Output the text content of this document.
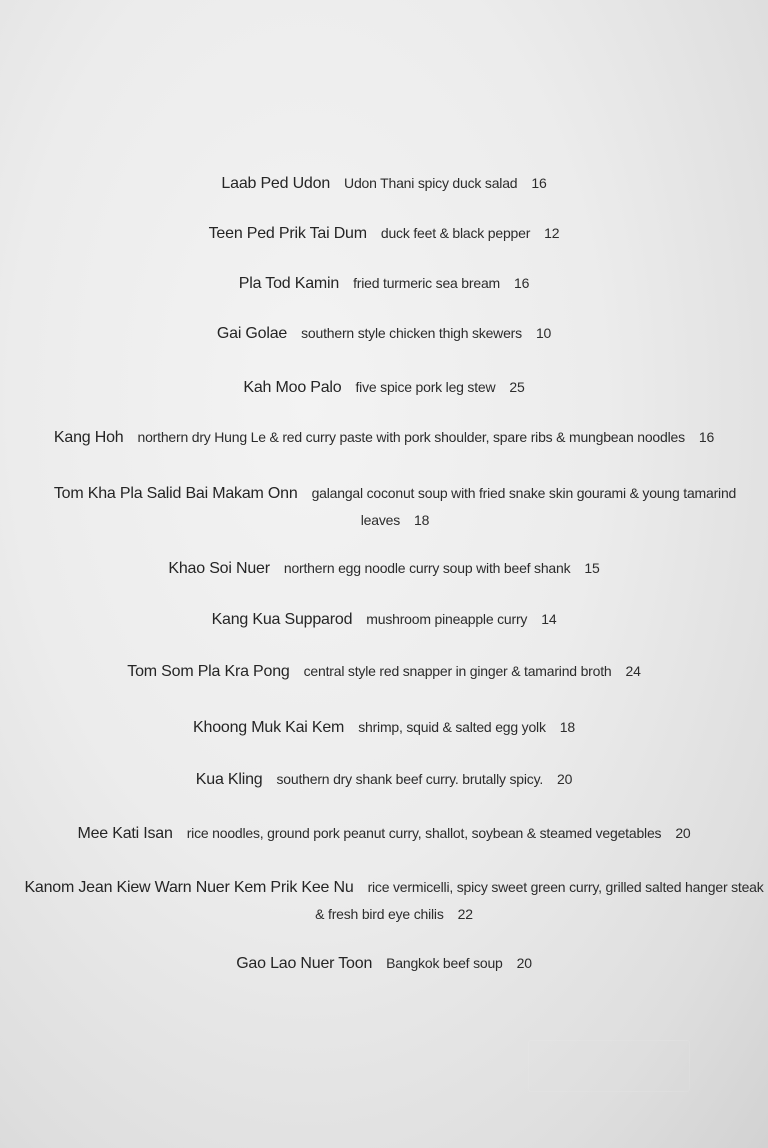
Laab Ped Udon Udon Thani spicy duck salad 16
Teen Ped Prik Tai Dum duck feet & black pepper 12
Pla Tod Kamin fried turmeric sea bream 16
Gai Golae southern style chicken thigh skewers 10
Kah Moo Palo five spice pork leg stew 25
Kang Hoh northern dry Hung Le & red curry paste with pork shoulder, spare ribs & mungbean noodles 16
Tom Kha Pla Salid Bai Makam Onn galangal coconut soup with fried snake skin gourami & young tamarind leaves 18
Khao Soi Nuer northern egg noodle curry soup with beef shank 15
Kang Kua Supparod mushroom pineapple curry 14
Tom Som Pla Kra Pong central style red snapper in ginger & tamarind broth 24
Khoong Muk Kai Kem shrimp, squid & salted egg yolk 18
Kua Kling southern dry shank beef curry. brutally spicy. 20
Mee Kati Isan rice noodles, ground pork peanut curry, shallot, soybean & steamed vegetables 20
Kanom Jean Kiew Warn Nuer Kem Prik Kee Nu rice vermicelli, spicy sweet green curry, grilled salted hanger steak & fresh bird eye chilis 22
Gao Lao Nuer Toon Bangkok beef soup 20
